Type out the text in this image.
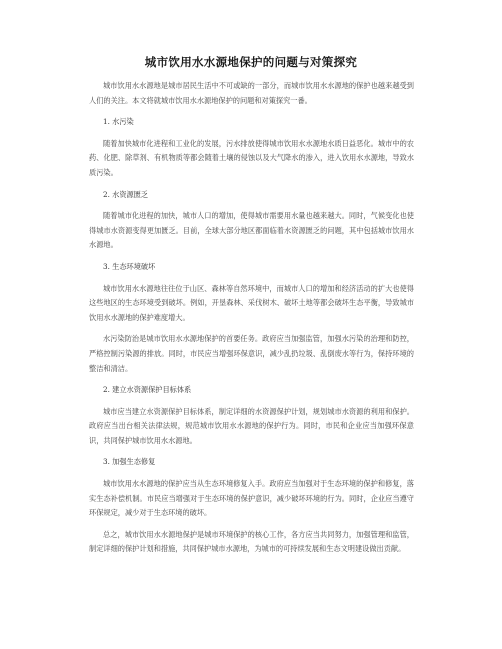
城市饮用水水源地保护的问题与对策探究

城市饮用水水源地是城市居民生活中不可或缺的一部分，而城市饮用水水源地的保护也越来越受到人们的关注。本文将就城市饮用水水源地保护的问题和对策探究一番。

1. 水污染

随着加快城市化进程和工业化的发展，污水排放使得城市饮用水水源地水质日益恶化。城市中的农药、化肥、除草剂、有机物质等都会随着土壤的侵蚀以及大气降水的渗入，进入饮用水水源地，导致水质污染。

2. 水资源匮乏

随着城市化进程的加快，城市人口的增加，使得城市需要用水量也越来越大。同时，气候变化也使得城市水资源变得更加匮乏。目前，全球大部分地区都面临着水资源匮乏的问题，其中包括城市饮用水水源地。

3. 生态环境破坏

城市饮用水水源地往往位于山区、森林等自然环境中，而城市人口的增加和经济活动的扩大也使得这些地区的生态环境受到破坏。例如，开垦森林、采伐树木、破坏土地等都会破坏生态平衡，导致城市饮用水水源地的保护难度增大。

水污染防治是城市饮用水水源地保护的首要任务。政府应当加强监管，加强水污染的治理和防控，严格控制污染源的排放。同时，市民应当增强环保意识，减少乱扔垃圾、乱倒废水等行为，保持环境的整洁和清洁。

2. 建立水资源保护目标体系

城市应当建立水资源保护目标体系，制定详细的水资源保护计划，规划城市水资源的利用和保护。政府应当出台相关法律法规，规范城市饮用水水源地的保护行为。同时，市民和企业应当加强环保意识，共同保护城市饮用水水源地。

3. 加强生态修复

城市饮用水水源地的保护应当从生态环境修复入手。政府应当加强对于生态环境的保护和修复，落实生态补偿机制。市民应当增强对于生态环境的保护意识，减少破坏环境的行为。同时，企业应当遵守环保规定，减少对于生态环境的破坏。

总之，城市饮用水水源地保护是城市环境保护的核心工作，各方应当共同努力，加强管理和监管，制定详细的保护计划和措施，共同保护城市水源地，为城市的可持续发展和生态文明建设做出贡献。
